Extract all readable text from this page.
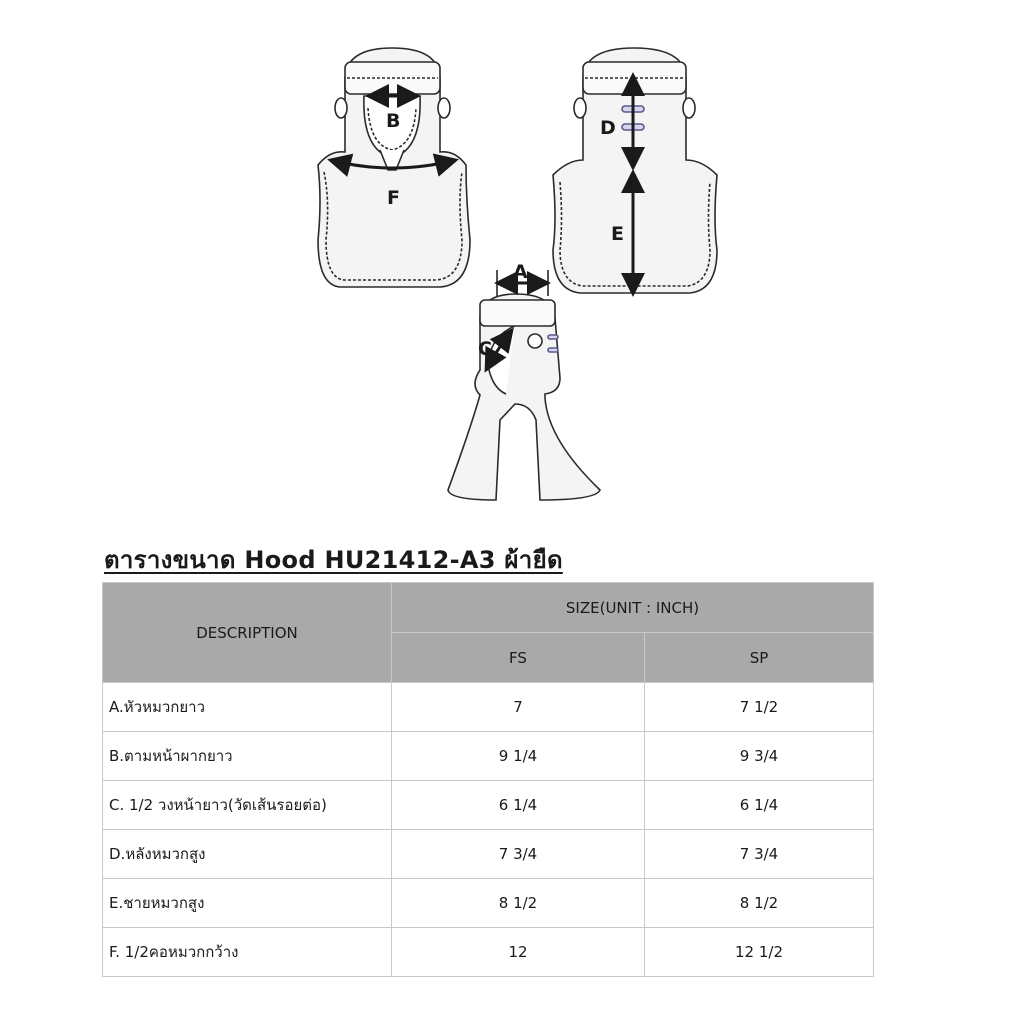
B
F
D
E
A
C
ตารางขนาด Hood HU21412-A3 ผ้ายืด
DESCRIPTION	SIZE(UNIT : INCH)	
	FS	SP
A.หัวหมวกยาว	7	7 1/2
B.ตามหน้าผากยาว	9 1/4	9 3/4
C. 1/2 วงหน้ายาว(วัดเส้นรอยต่อ)	6 1/4	6 1/4
D.หลังหมวกสูง	7 3/4	7 3/4
E.ชายหมวกสูง	8 1/2	8 1/2
F. 1/2คอหมวกกว้าง	12	12 1/2
